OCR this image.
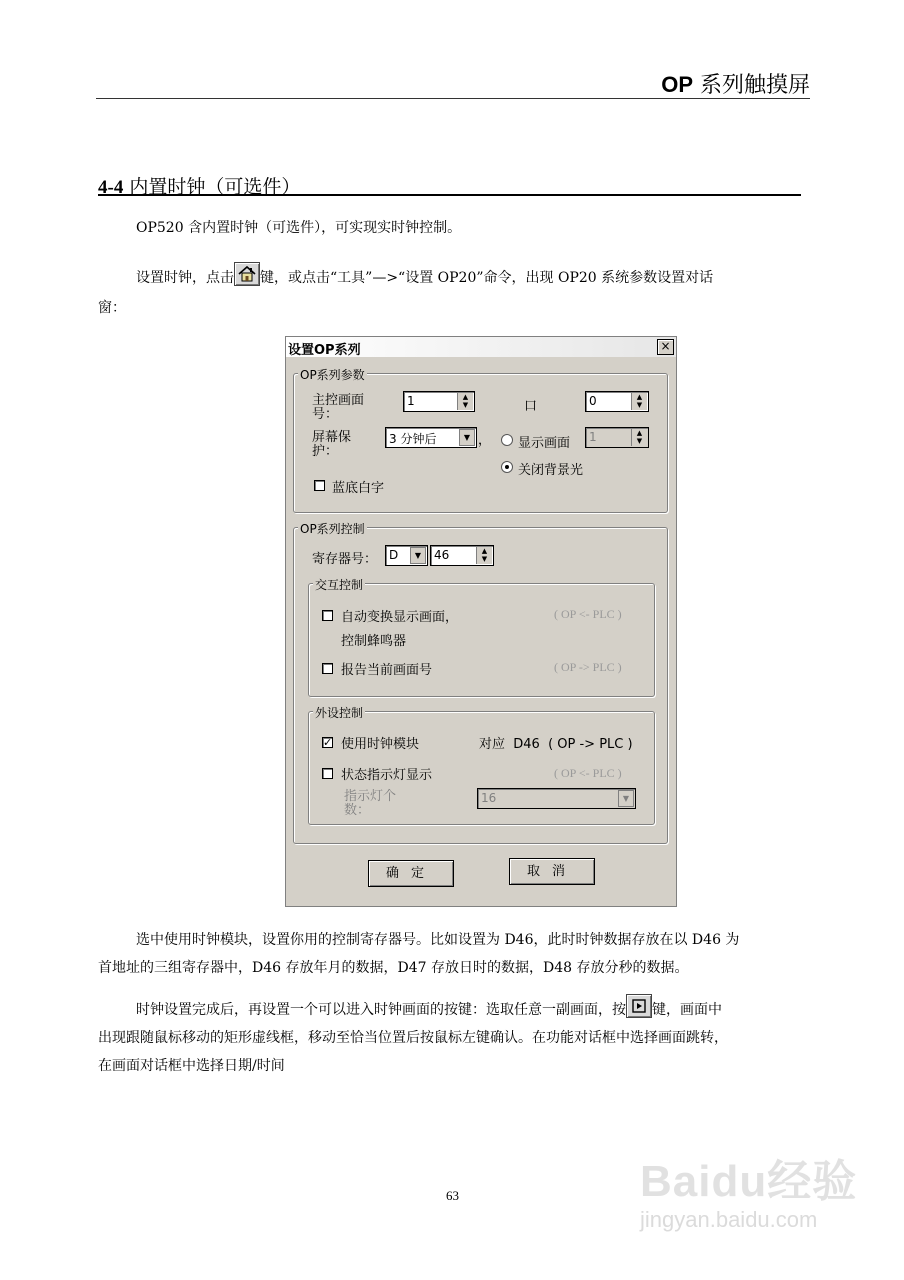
OP 系列触摸屏
4-4 内置时钟（可选件）
OP520 含内置时钟（可选件），可实现实时钟控制。
设置时钟，点击 键，或点击“工具”—>“设置 OP20”命令，出现 OP20 系统参数设置对话
窗：
设置OP系列	×
OP系列参数
主控画面
号：
1	▲
▼	口	0	▲
▼
屏幕保
护：
3 分钟后	▼ ， 显示画面 1	▲
▼
关闭背景光
蓝底白字
OP系列控制
寄存器号： D	▼	46	▲
▼
交互控制
自动变换显示画面，	( OP <- PLC )
控制蜂鸣器
报告当前画面号	( OP -> PLC )
外设控制
✓ 使用时钟模块	对应  D46  ( OP -> PLC )
状态指示灯显示	( OP <- PLC )
指示灯个
数：
16	▼
确定	取消
选中使用时钟模块，设置你用的控制寄存器号。比如设置为 D46，此时时钟数据存放在以 D46 为
首地址的三组寄存器中，D46 存放年月的数据，D47 存放日时的数据，D48 存放分秒的数据。
时钟设置完成后，再设置一个可以进入时钟画面的按键：选取任意一副画面，按 键，画面中
出现跟随鼠标移动的矩形虚线框，移动至恰当位置后按鼠标左键确认。在功能对话框中选择画面跳转，
在画面对话框中选择日期/时间
63	Baidu经验
jingyan.baidu.com
